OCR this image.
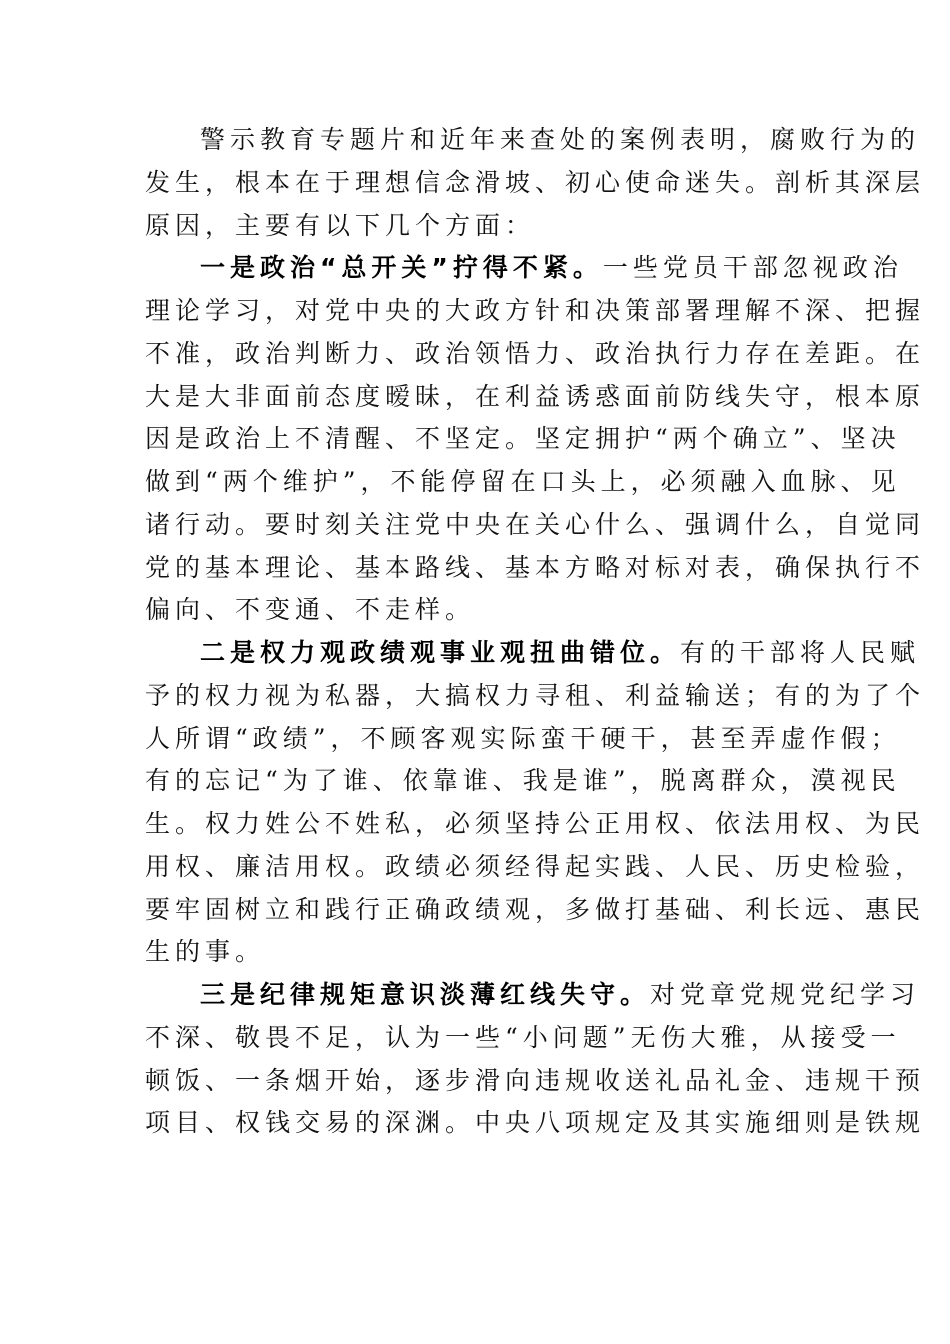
警示教育专题片和近年来查处的案例表明，腐败行为的
发生，根本在于理想信念滑坡、初心使命迷失。剖析其深层
原因，主要有以下几个方面：
一是政治“总开关”拧得不紧。一些党员干部忽视政治
理论学习，对党中央的大政方针和决策部署理解不深、把握
不准，政治判断力、政治领悟力、政治执行力存在差距。在
大是大非面前态度暧昧，在利益诱惑面前防线失守，根本原
因是政治上不清醒、不坚定。坚定拥护“两个确立”、坚决
做到“两个维护”，不能停留在口头上，必须融入血脉、见
诸行动。要时刻关注党中央在关心什么、强调什么，自觉同
党的基本理论、基本路线、基本方略对标对表，确保执行不
偏向、不变通、不走样。
二是权力观政绩观事业观扭曲错位。有的干部将人民赋
予的权力视为私器，大搞权力寻租、利益输送；有的为了个
人所谓“政绩”，不顾客观实际蛮干硬干，甚至弄虚作假；
有的忘记“为了谁、依靠谁、我是谁”，脱离群众，漠视民
生。权力姓公不姓私，必须坚持公正用权、依法用权、为民
用权、廉洁用权。政绩必须经得起实践、人民、历史检验，
要牢固树立和践行正确政绩观，多做打基础、利长远、惠民
生的事。
三是纪律规矩意识淡薄红线失守。对党章党规党纪学习
不深、敬畏不足，认为一些“小问题”无伤大雅，从接受一
顿饭、一条烟开始，逐步滑向违规收送礼品礼金、违规干预
项目、权钱交易的深渊。中央八项规定及其实施细则是铁规
